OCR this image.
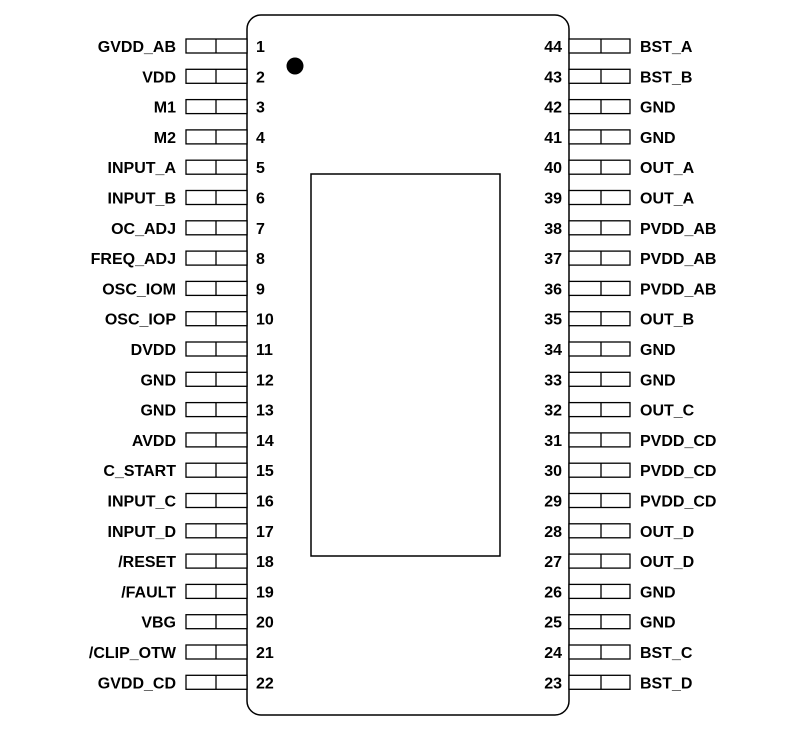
GVDD_AB	1
VDD	2
M1	3
M2	4
INPUT_A	5
INPUT_B	6
OC_ADJ	7
FREQ_ADJ	8
OSC_IOM	9
OSC_IOP	10
DVDD	11
GND	12
GND	13
AVDD	14
C_START	15
INPUT_C	16
INPUT_D	17
/RESET	18
/FAULT	19
VBG	20
/CLIP_OTW	21
GVDD_CD	22
44	BST_A
43	BST_B
42	GND
41	GND
40	OUT_A
39	OUT_A
38	PVDD_AB
37	PVDD_AB
36	PVDD_AB
35	OUT_B
34	GND
33	GND
32	OUT_C
31	PVDD_CD
30	PVDD_CD
29	PVDD_CD
28	OUT_D
27	OUT_D
26	GND
25	GND
24	BST_C
23	BST_D
